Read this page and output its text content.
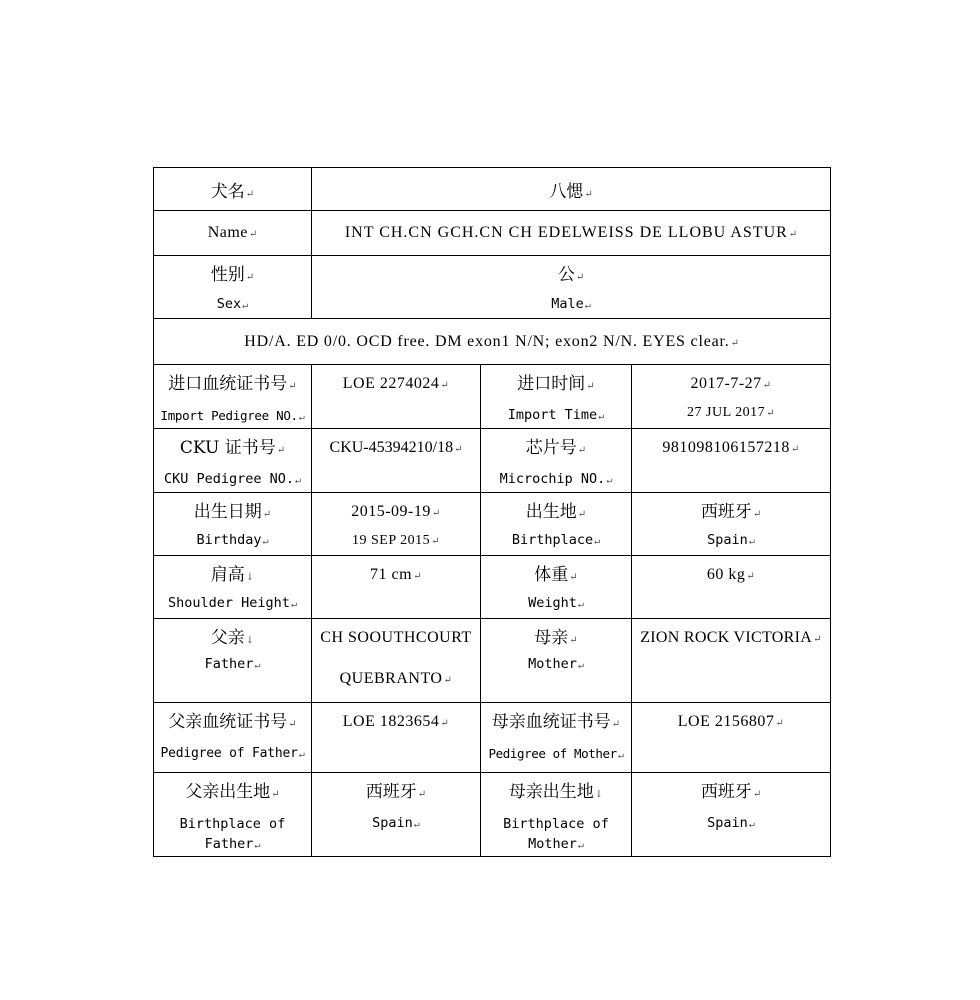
犬名↵	八愢↵		
Name↵	INT CH.CN GCH.CN CH EDELWEISS DE LLOBU ASTUR↵		

性别↵
Sex↵	公↵
Male↵		

HD/A. ED 0/0. OCD free. DM exon1 N/N; exon2 N/N. EYES clear.↵			

进口血统证书号↵
Import Pedigree NO.↵	LOE 2274024↵	进口时间↵
Import Time↵	2017-7-27↵
27 JUL 2017↵

CKU 证书号↵
CKU Pedigree NO.↵	CKU-45394210/18↵	芯片号↵
Microchip NO.↵	981098106157218↵

出生日期↵
Birthday↵	2015-09-19↵
19 SEP 2015↵	出生地↵
Birthplace↵	西班牙↵
Spain↵

肩高↓
Shoulder Height↵	71 cm↵	体重↵
Weight↵	60 kg↵

父亲↓
Father↵	CH SOOUTHCOURT
QUEBRANTO↵	母亲↵
Mother↵	ZION ROCK VICTORIA↵

父亲血统证书号↵
Pedigree of Father↵	LOE 1823654↵	母亲血统证书号↵
Pedigree of Mother↵	LOE 2156807↵

父亲出生地↵
Birthplace of Father↵	西班牙↵
Spain↵	母亲出生地↓
Birthplace of Mother↵	西班牙↵
Spain↵
